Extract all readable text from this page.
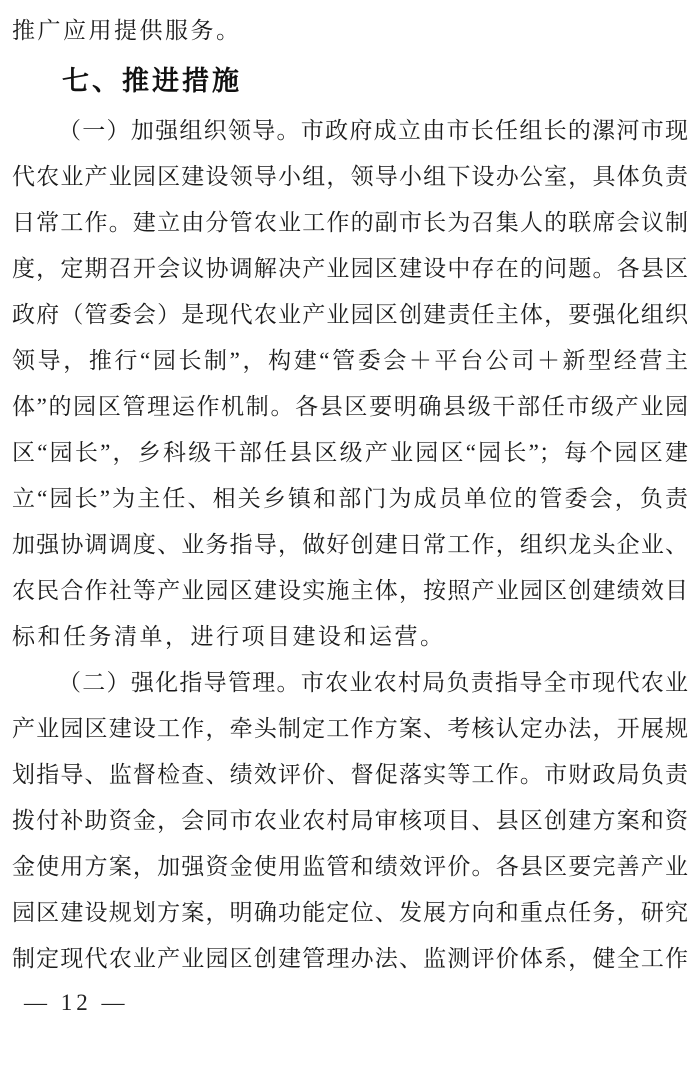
推广应用提供服务。
七、推进措施
（一）加强组织领导。市政府成立由市长任组长的漯河市现
代农业产业园区建设领导小组，领导小组下设办公室，具体负责
日常工作。建立由分管农业工作的副市长为召集人的联席会议制
度，定期召开会议协调解决产业园区建设中存在的问题。各县区
政府（管委会）是现代农业产业园区创建责任主体，要强化组织
领导，推行“园长制”，构建“管委会＋平台公司＋新型经营主
体”的园区管理运作机制。各县区要明确县级干部任市级产业园
区“园长”，乡科级干部任县区级产业园区“园长”；每个园区建
立“园长”为主任、相关乡镇和部门为成员单位的管委会，负责
加强协调调度、业务指导，做好创建日常工作，组织龙头企业、
农民合作社等产业园区建设实施主体，按照产业园区创建绩效目
标和任务清单，进行项目建设和运营。
（二）强化指导管理。市农业农村局负责指导全市现代农业
产业园区建设工作，牵头制定工作方案、考核认定办法，开展规
划指导、监督检查、绩效评价、督促落实等工作。市财政局负责
拨付补助资金，会同市农业农村局审核项目、县区创建方案和资
金使用方案，加强资金使用监管和绩效评价。各县区要完善产业
园区建设规划方案，明确功能定位、发展方向和重点任务，研究
制定现代农业产业园区创建管理办法、监测评价体系，健全工作
— 12 —
